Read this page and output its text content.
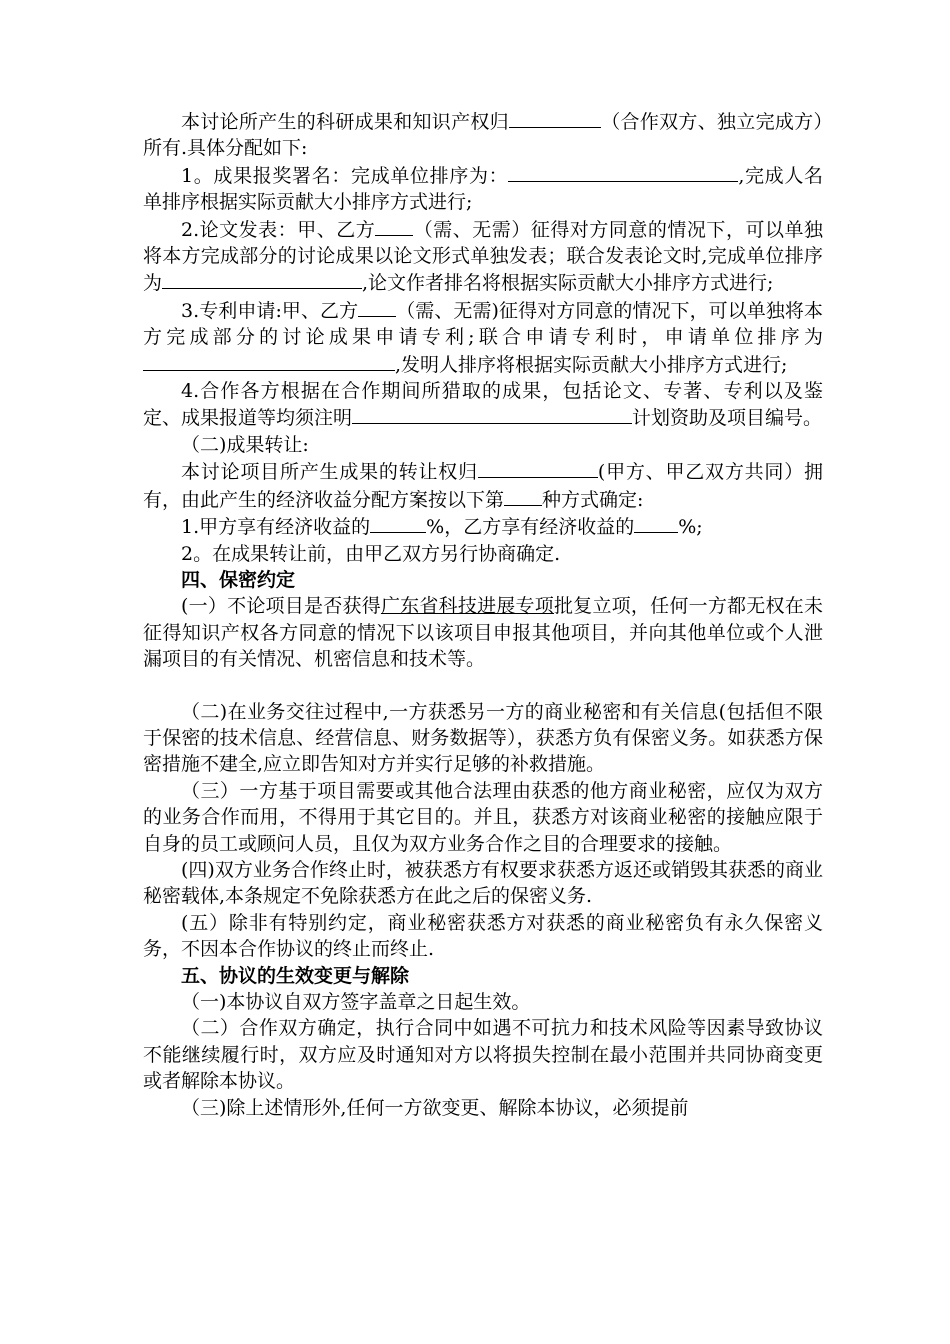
本讨论所产生的科研成果和知识产权归	（合作双方、独立完成方）所有.具体分配如下:

1。成果报奖署名：完成单位排序为：	,完成人名单排序根据实际贡献大小排序方式进行;

2.论文发表：甲、乙方 （需、无需）征得对方同意的情况下，可以单独将本方完成部分的讨论成果以论文形式单独发表；联合发表论文时,完成单位排序为	,论文作者排名将根据实际贡献大小排序方式进行;

3.专利申请:甲、乙方 （需、无需)征得对方同意的情况下，可以单独将本方完成部分的讨论成果申请专利;联合申请专利时，申请单位排序为,发明人排序将根据实际贡献大小排序方式进行;

4.合作各方根据在合作期间所猎取的成果，包括论文、专著、专利以及鉴定、成果报道等均须注明	计划资助及项目编号。

（二)成果转让:

本讨论项目所产生成果的转让权归	(甲方、甲乙双方共同）拥有，由此产生的经济收益分配方案按以下第 种方式确定:

1.甲方享有经济收益的	%，乙方享有经济收益的 %;

2。在成果转让前，由甲乙双方另行协商确定.

四、保密约定

(一）不论项目是否获得广东省科技进展专项批复立项，任何一方都无权在未征得知识产权各方同意的情况下以该项目申报其他项目，并向其他单位或个人泄漏项目的有关情况、机密信息和技术等。

（二)在业务交往过程中,一方获悉另一方的商业秘密和有关信息(包括但不限于保密的技术信息、经营信息、财务数据等），获悉方负有保密义务。如获悉方保密措施不建全,应立即告知对方并实行足够的补救措施。

（三）一方基于项目需要或其他合法理由获悉的他方商业秘密，应仅为双方的业务合作而用，不得用于其它目的。并且，获悉方对该商业秘密的接触应限于自身的员工或顾问人员，且仅为双方业务合作之目的合理要求的接触。

(四)双方业务合作终止时，被获悉方有权要求获悉方返还或销毁其获悉的商业秘密载体,本条规定不免除获悉方在此之后的保密义务.

(五）除非有特别约定，商业秘密获悉方对获悉的商业秘密负有永久保密义务，不因本合作协议的终止而终止.

五、协议的生效变更与解除

（一)本协议自双方签字盖章之日起生效。

（二）合作双方确定，执行合同中如遇不可抗力和技术风险等因素导致协议不能继续履行时，双方应及时通知对方以将损失控制在最小范围并共同协商变更或者解除本协议。

（三)除上述情形外,任何一方欲变更、解除本协议，必须提前
